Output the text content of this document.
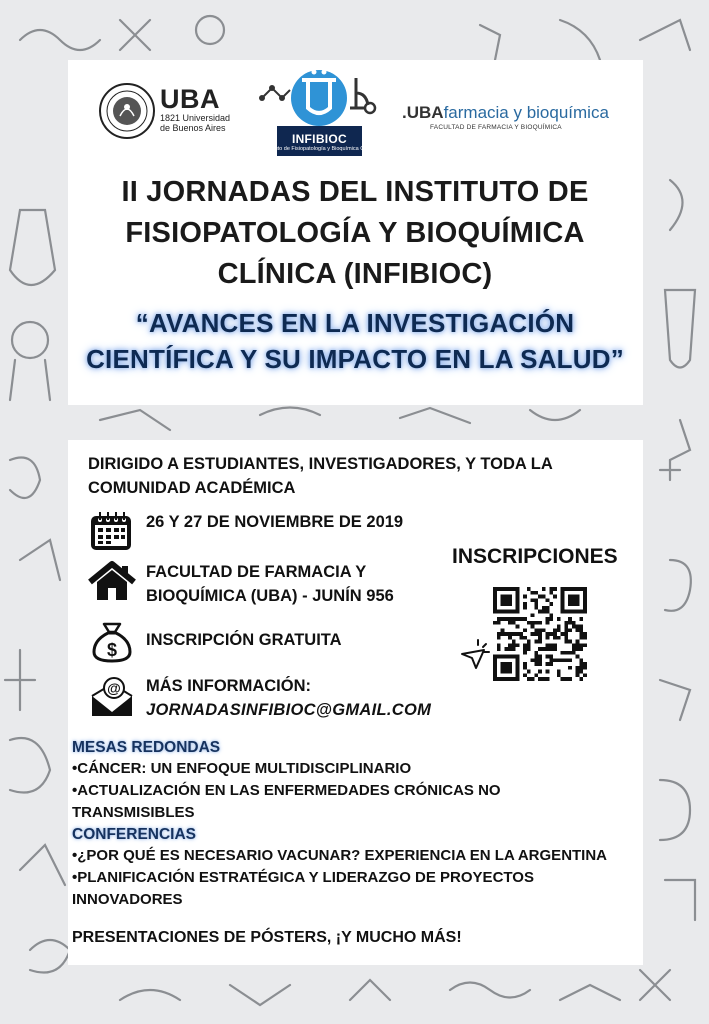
UBA
1821 Universidad
de Buenos Aires
INFIBIOC
Instituto de Fisiopatología y Bioquímica Clínica
.UBAfarmacia y bioquímica
FACULTAD DE FARMACIA Y BIOQUÍMICA
II JORNADAS DEL INSTITUTO DE
FISIOPATOLOGÍA Y BIOQUÍMICA
CLÍNICA (INFIBIOC)
“AVANCES EN LA INVESTIGACIÓN
CIENTÍFICA Y SU IMPACTO EN LA SALUD”
DIRIGIDO A ESTUDIANTES, INVESTIGADORES, Y TODA LA COMUNIDAD ACADÉMICA
26 Y 27 DE NOVIEMBRE DE 2019
FACULTAD DE FARMACIA Y
BIOQUÍMICA (UBA) - JUNÍN 956
$ INSCRIPCIÓN GRATUITA
@ MÁS INFORMACIÓN:
JORNADASINFIBIOC@GMAIL.COM
INSCRIPCIONES
MESAS REDONDAS
•CÁNCER: UN ENFOQUE MULTIDISCIPLINARIO
•ACTUALIZACIÓN EN LAS ENFERMEDADES CRÓNICAS NO TRANSMISIBLES
CONFERENCIAS
•¿POR QUÉ ES NECESARIO VACUNAR? EXPERIENCIA EN LA ARGENTINA
•PLANIFICACIÓN ESTRATÉGICA Y LIDERAZGO DE PROYECTOS INNOVADORES
PRESENTACIONES DE PÓSTERS, ¡Y MUCHO MÁS!
